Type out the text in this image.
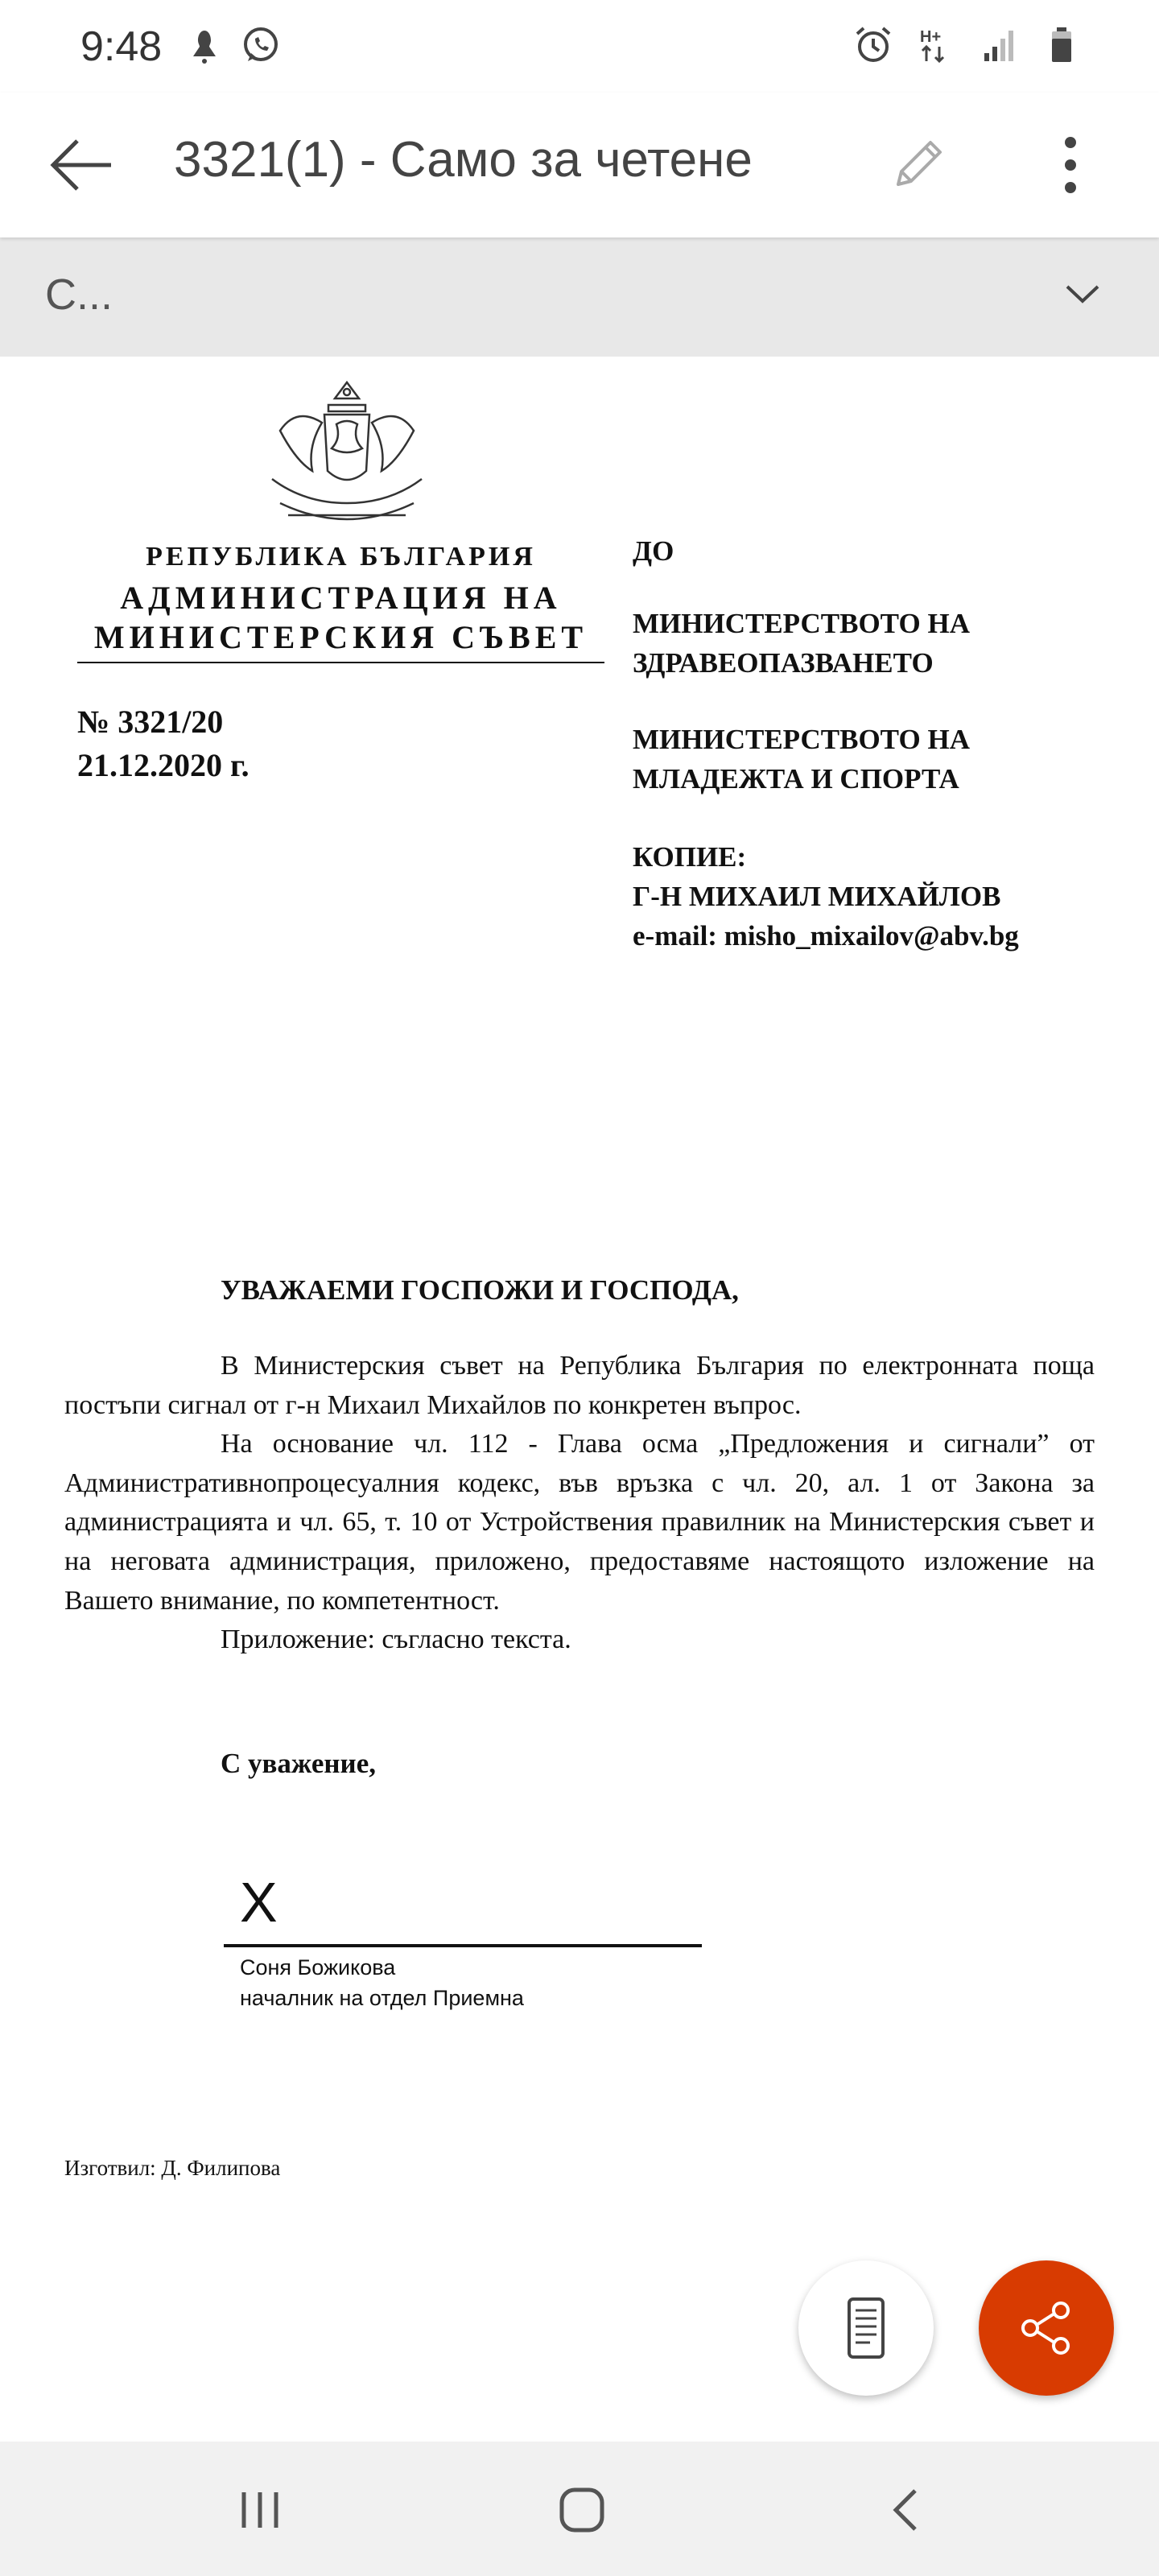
9:48	H+
3321(1) - Само за четене
С...
РЕПУБЛИКА БЪЛГАРИЯ
АДМИНИСТРАЦИЯ НА
МИНИСТЕРСКИЯ СЪВЕТ
№ 3321/20
21.12.2020 г.
ДО
МИНИСТЕРСТВОТО НА
ЗДРАВЕОПАЗВАНЕТО
МИНИСТЕРСТВОТО НА
МЛАДЕЖТА И СПОРТА
КОПИЕ:
Г-Н МИХАИЛ МИХАЙЛОВ
e-mail: misho_mixailov@abv.bg
УВАЖАЕМИ ГОСПОЖИ И ГОСПОДА,

В Министерския съвет на Република България по електронната поща постъпи сигнал от г-н Михаил Михайлов по конкретен въпрос.

На основание чл. 112 - Глава осма „Предложения и сигнали” от Административнопроцесуалния кодекс, във връзка с чл. 20, ал. 1 от Закона за администрацията и чл. 65, т. 10 от Устройствения правилник на Министерския съвет и на неговата администрация, приложено, предоставяме настоящото изложение на Вашето внимание, по компетентност.

Приложение: съгласно текста.

С уважение,
X
Соня Божикова
началник на отдел Приемна
Изготвил: Д. Филипова
